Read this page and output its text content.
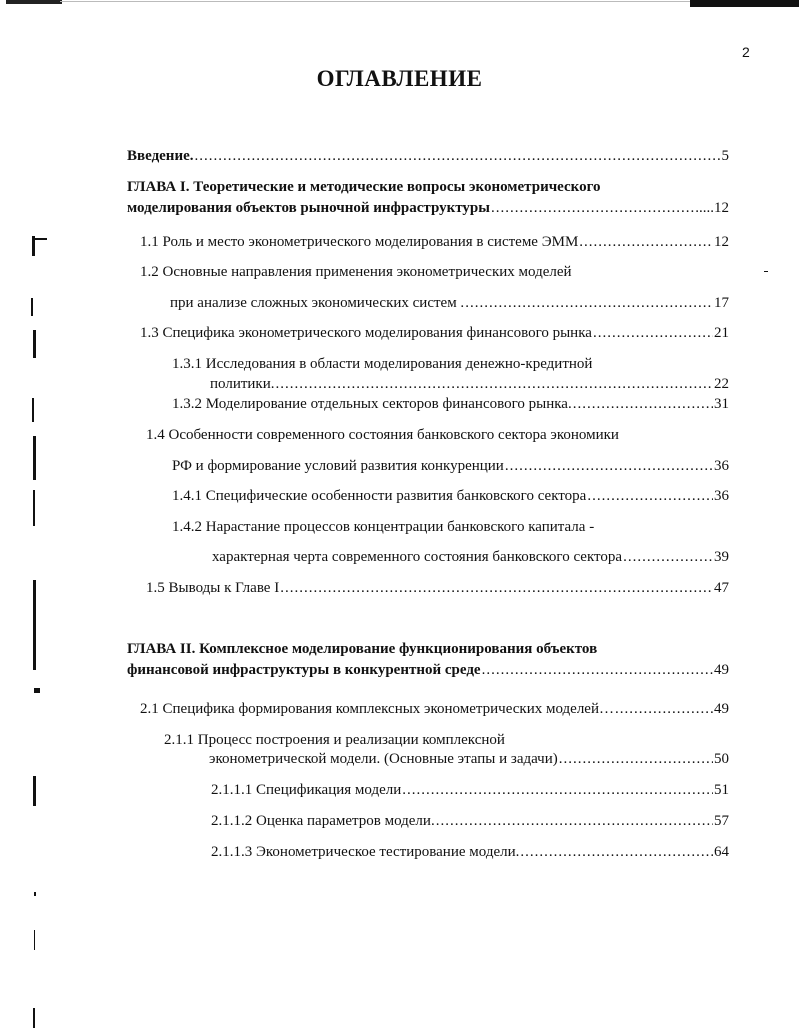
2
ОГЛАВЛЕНИЕ
Введение. .....	5
ГЛАВА I. Теоретические и методические вопросы эконометрического
моделирования объектов рыночной инфраструктуры .....	....12
1.1 Роль и место эконометрического моделирования в системе ЭММ .....	12
1.2 Основные направления применения эконометрических моделей
при анализе сложных экономических систем . .....	17
1.3 Специфика эконометрического моделирования финансового рынка .....	21
1.3.1 Исследования в области моделирования денежно-кредитной
политики. .....	22
1.3.2 Моделирование отдельных секторов финансового рынка. .....	31
1.4 Особенности современного состояния банковского сектора экономики
РФ и формирование условий развития конкуренции .....	36
1.4.1 Специфические особенности развития банковского сектора .....	36
1.4.2 Нарастание процессов концентрации банковского капитала -
характерная черта современного состояния банковского сектора .....	39
1.5 Выводы к Главе I .....	47
ГЛАВА II. Комплексное моделирование функционирования объектов
финансовой инфраструктуры в конкурентной среде .....	49
2.1 Специфика формирования комплексных эконометрических моделей… .....	49
2.1.1 Процесс построения и реализации комплексной
эконометрической модели. (Основные этапы и задачи) .....	50
2.1.1.1 Спецификация модели .....	51
2.1.1.2 Оценка параметров модели. .....	57
2.1.1.3 Эконометрическое тестирование модели. .....	64
